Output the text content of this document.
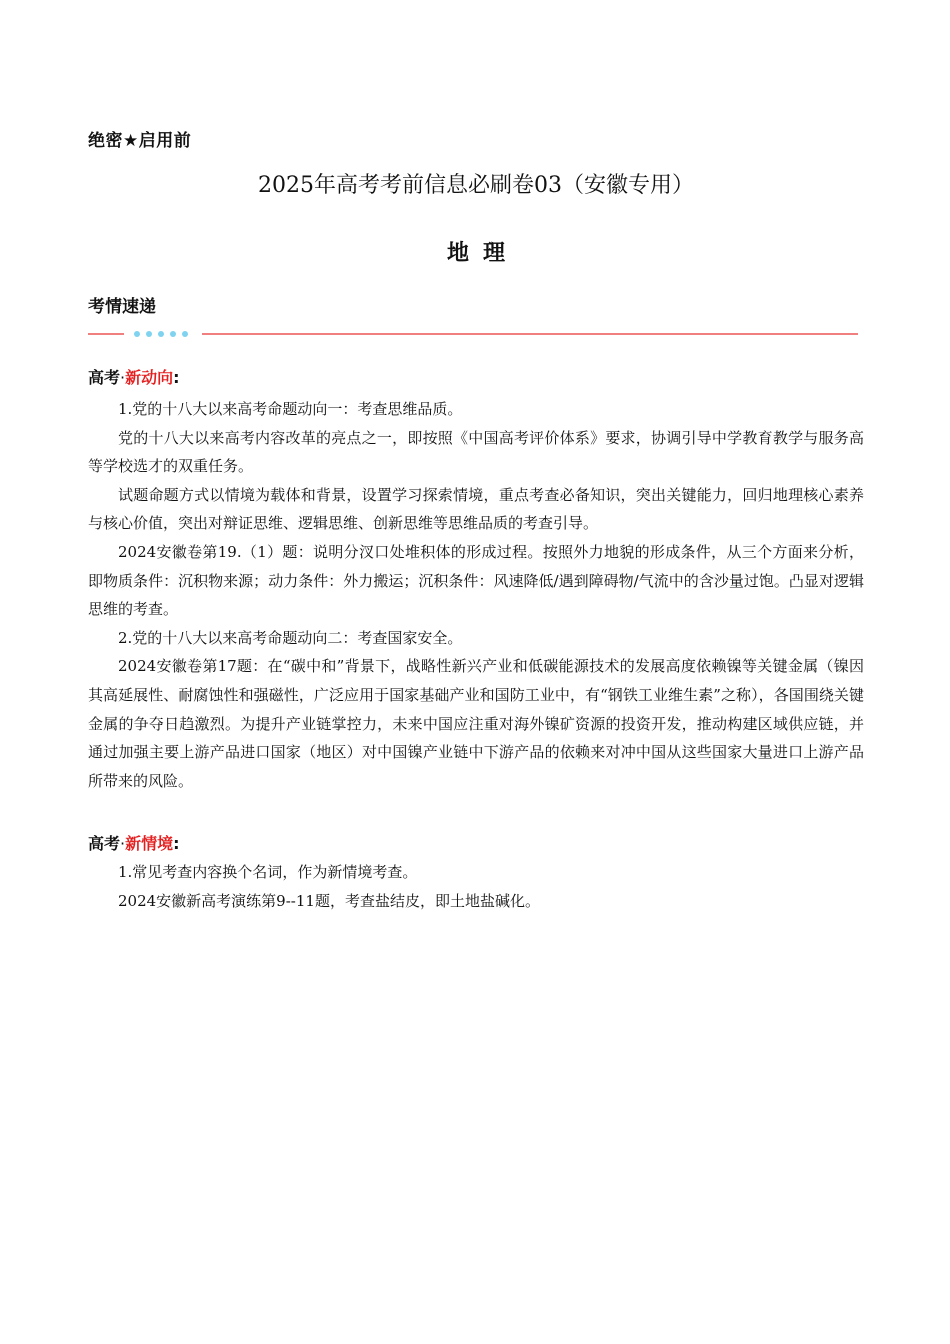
绝密★启用前
2025年高考考前信息必刷卷03（安徽专用）
地理
考情速递
高考·新动向:

1.党的十八大以来高考命题动向一：考查思维品质。

党的十八大以来高考内容改革的亮点之一，即按照《中国高考评价体系》要求，协调引导中学教育教学与服务高等学校选才的双重任务。

试题命题方式以情境为载体和背景，设置学习探索情境，重点考查必备知识，突出关键能力，回归地理核心素养与核心价值，突出对辩证思维、逻辑思维、创新思维等思维品质的考查引导。

2024安徽卷第19.（1）题：说明分汊口处堆积体的形成过程。按照外力地貌的形成条件，从三个方面来分析，即物质条件：沉积物来源；动力条件：外力搬运；沉积条件：风速降低/遇到障碍物/气流中的含沙量过饱。凸显对逻辑思维的考查。

2.党的十八大以来高考命题动向二：考查国家安全。

2024安徽卷第17题：在“碳中和”背景下，战略性新兴产业和低碳能源技术的发展高度依赖镍等关键金属（镍因其高延展性、耐腐蚀性和强磁性，广泛应用于国家基础产业和国防工业中，有“钢铁工业维生素”之称），各国围绕关键金属的争夺日趋激烈。为提升产业链掌控力，未来中国应注重对海外镍矿资源的投资开发，推动构建区域供应链，并通过加强主要上游产品进口国家（地区）对中国镍产业链中下游产品的依赖来对冲中国从这些国家大量进口上游产品所带来的风险。

高考·新情境:

1.常见考查内容换个名词，作为新情境考查。

2024安徽新高考演练第9--11题，考查盐结皮，即土地盐碱化。
